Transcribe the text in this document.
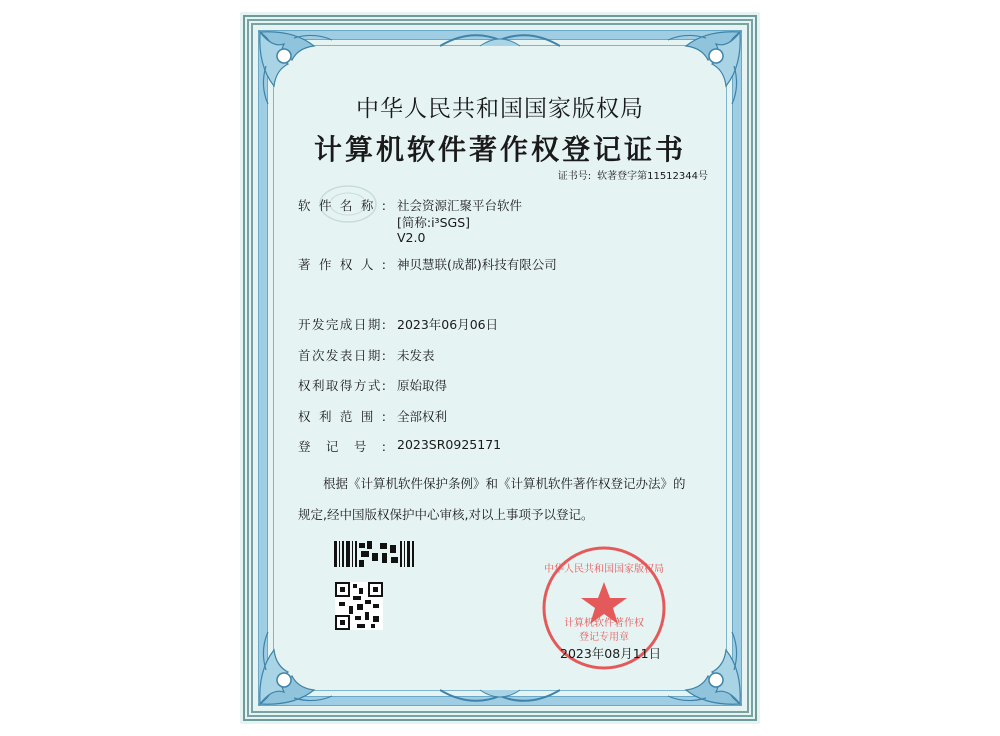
中华人民共和国国家版权局
计算机软件著作权登记证书
证书号: 软著登字第11512344号
软件名称: 社会资源汇聚平台软件
[简称:i³SGS]
V2.0
著作权人: 神贝慧联(成都)科技有限公司
开发完成日期: 2023年06月06日
首次发表日期: 未发表
权利取得方式: 原始取得
权利范围: 全部权利
登记号: 2023SR0925171
根据《计算机软件保护条例》和《计算机软件著作权登记办法》的
规定,经中国版权保护中心审核,对以上事项予以登记。
中华人民共和国国家版权局
计算机软件著作权
登记专用章
2023年08月11日
